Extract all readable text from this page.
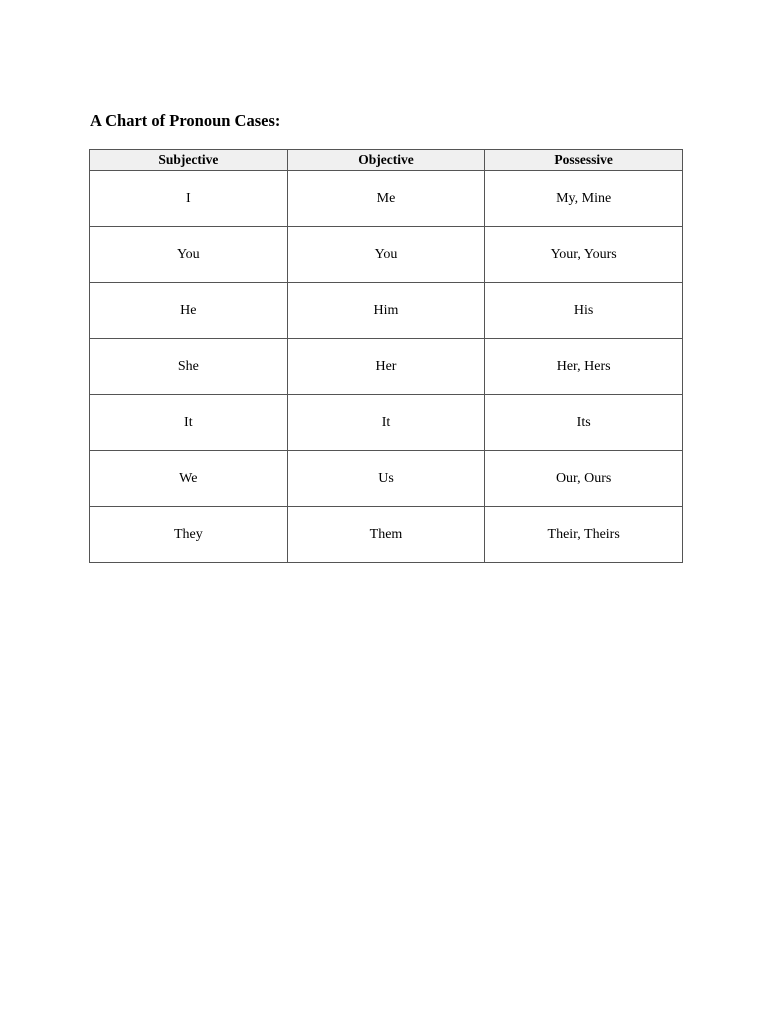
A Chart of Pronoun Cases:
Subjective	Objective	Possessive
I	Me	My, Mine
You	You	Your, Yours
He	Him	His
She	Her	Her, Hers
It	It	Its
We	Us	Our, Ours
They	Them	Their, Theirs
